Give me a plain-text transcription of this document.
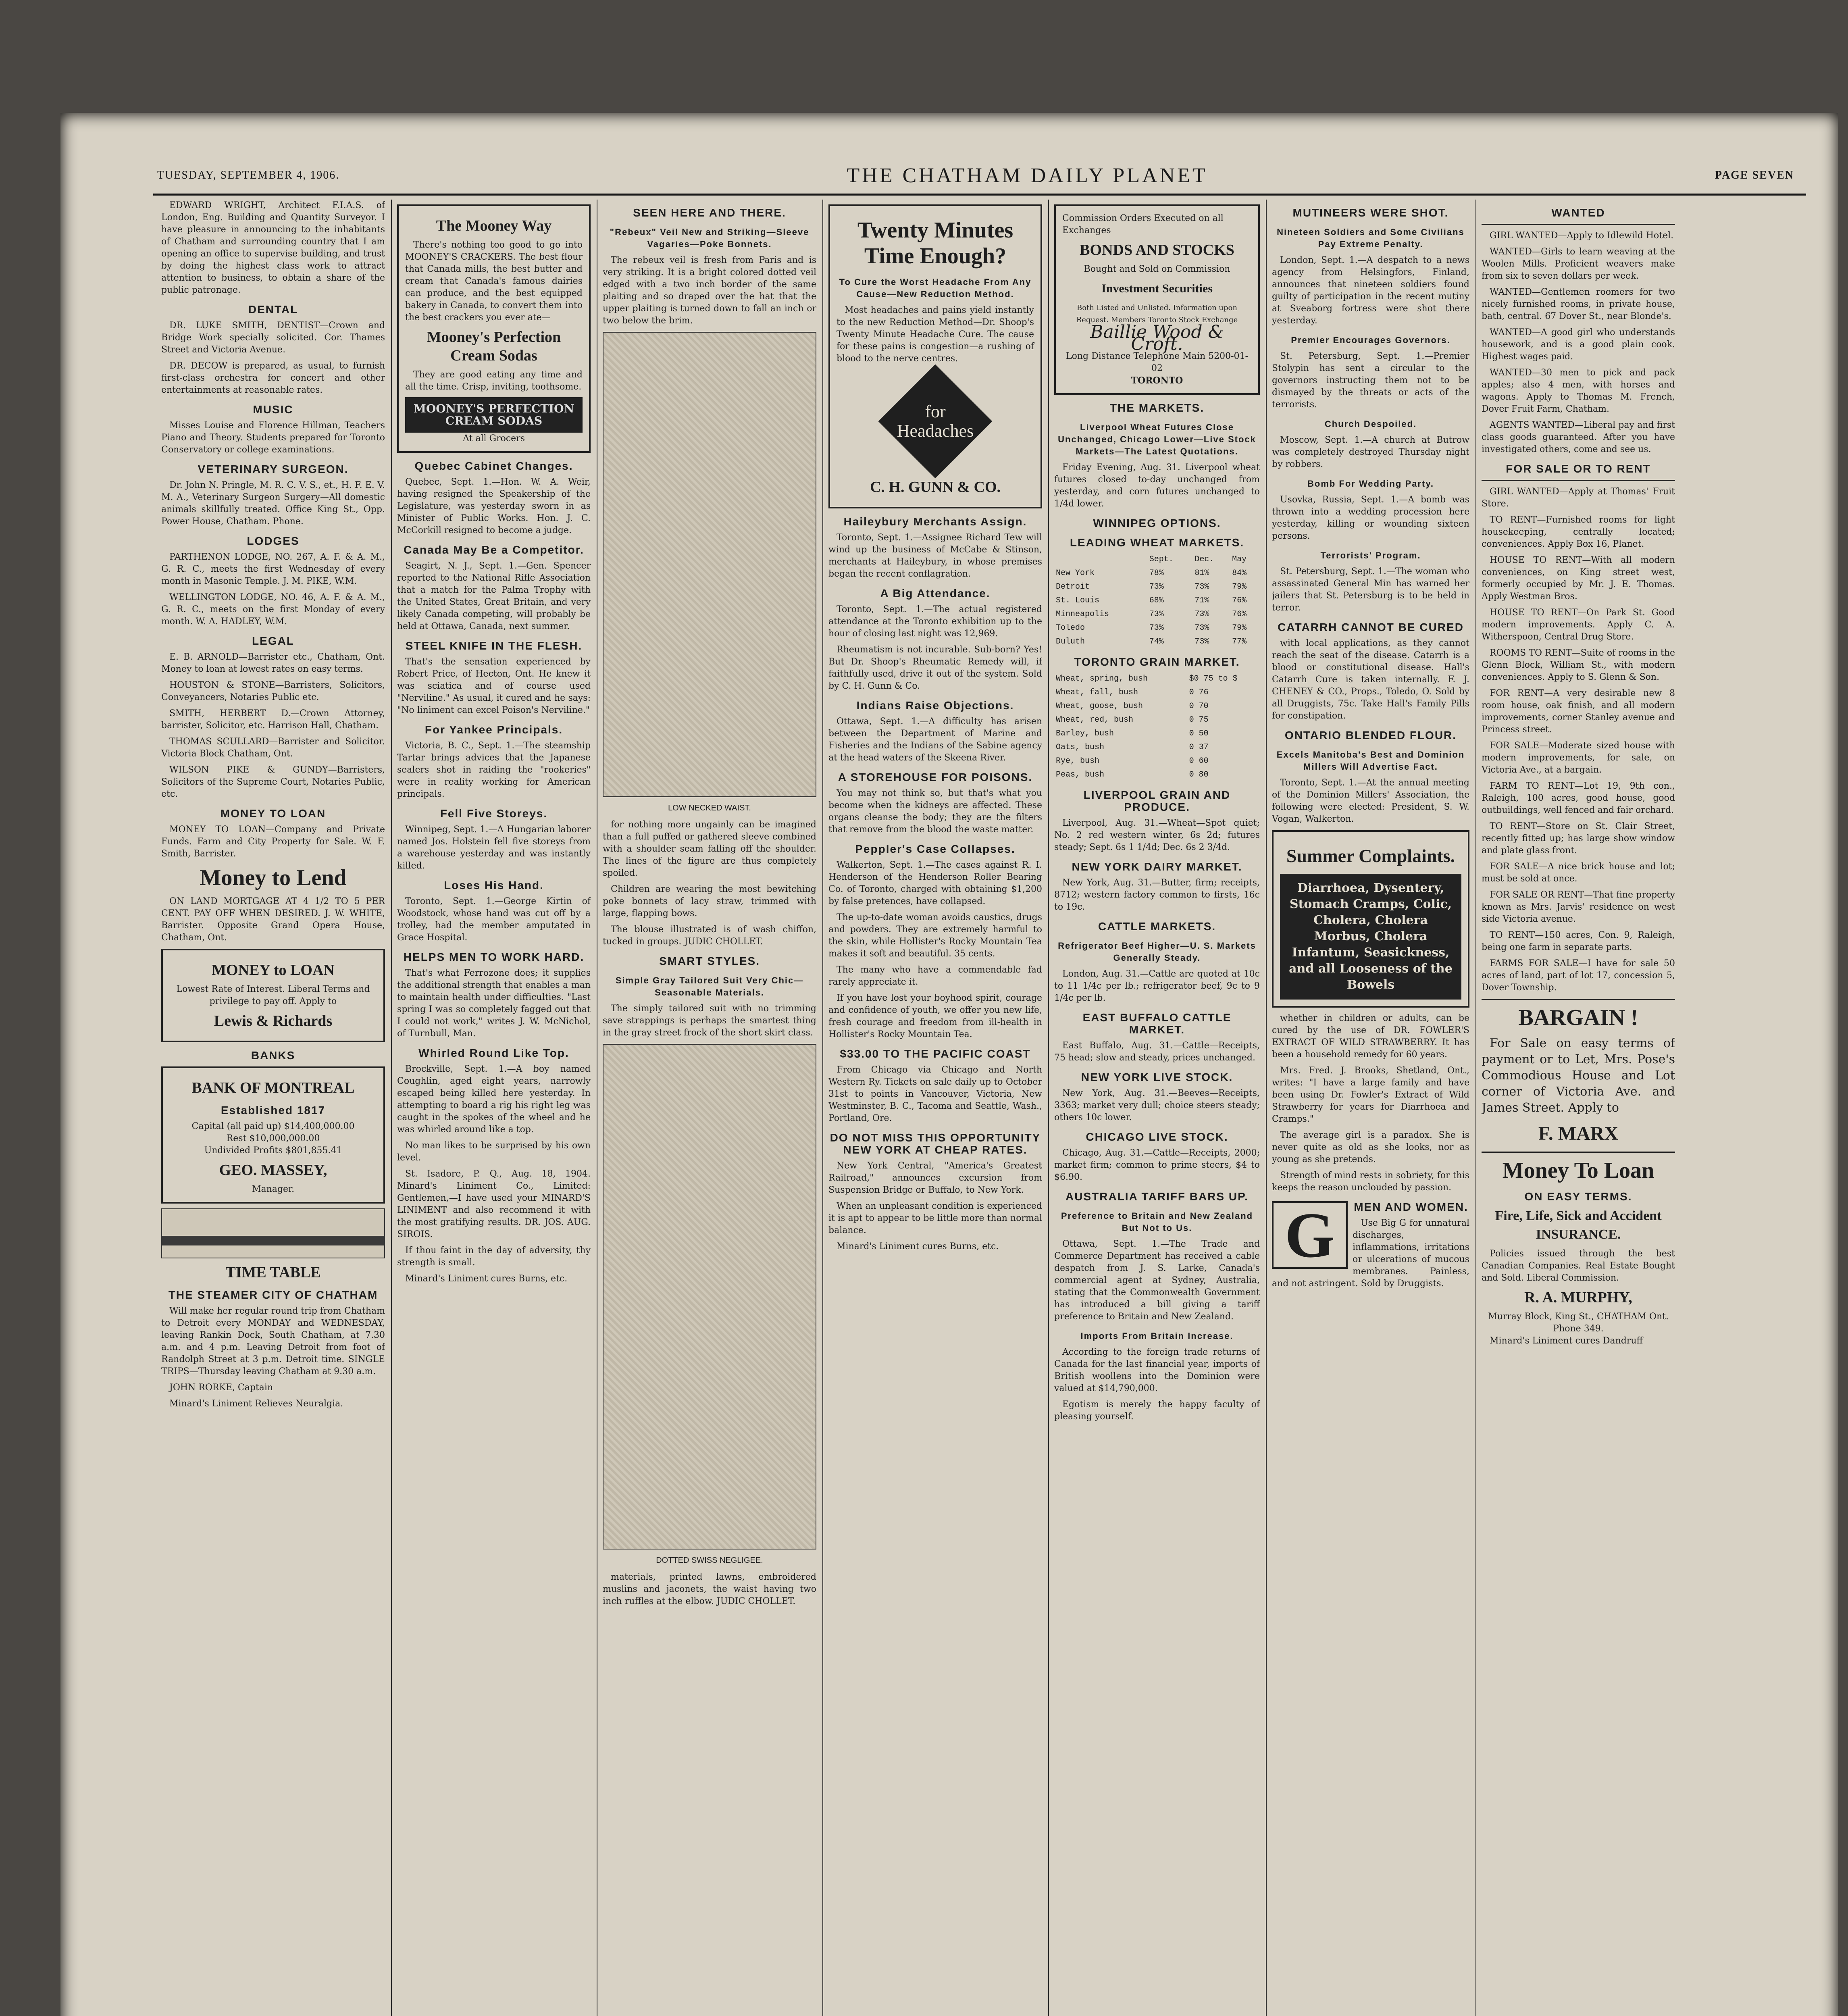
TUESDAY, SEPTEMBER 4, 1906.	THE CHATHAM DAILY PLANET	PAGE SEVEN

EDWARD WRIGHT, Architect F.I.A.S. of London, Eng. Building and Quantity Surveyor. I have pleasure in announcing to the inhabitants of Chatham and surrounding country that I am opening an office to supervise building, and trust by doing the highest class work to attract attention to business, to obtain a share of the public patronage.

DENTAL

DR. LUKE SMITH, DENTIST—Crown and Bridge Work specially solicited. Cor. Thames Street and Victoria Avenue.

DR. DECOW is prepared, as usual, to furnish first-class orchestra for concert and other entertainments at reasonable rates.

MUSIC

Misses Louise and Florence Hillman, Teachers Piano and Theory. Students prepared for Toronto Conservatory or college examinations.

VETERINARY SURGEON.

Dr. John N. Pringle, M. R. C. V. S., et., H. F. E. V. M. A., Veterinary Surgeon Surgery—All domestic animals skillfully treated. Office King St., Opp. Power House, Chatham. Phone.

LODGES

PARTHENON LODGE, NO. 267, A. F. & A. M., G. R. C., meets the first Wednesday of every month in Masonic Temple. J. M. PIKE, W.M.

WELLINGTON LODGE, NO. 46, A. F. & A. M., G. R. C., meets on the first Monday of every month. W. A. HADLEY, W.M.

LEGAL

E. B. ARNOLD—Barrister etc., Chatham, Ont. Money to loan at lowest rates on easy terms.

HOUSTON & STONE—Barristers, Solicitors, Conveyancers, Notaries Public etc.

SMITH, HERBERT D.—Crown Attorney, barrister, Solicitor, etc. Harrison Hall, Chatham.

THOMAS SCULLARD—Barrister and Solicitor. Victoria Block Chatham, Ont.

WILSON PIKE & GUNDY—Barristers, Solicitors of the Supreme Court, Notaries Public, etc.

MONEY TO LOAN

MONEY TO LOAN—Company and Private Funds. Farm and City Property for Sale. W. F. Smith, Barrister.

Money to Lend

ON LAND MORTGAGE AT 4 1/2 TO 5 PER CENT. PAY OFF WHEN DESIRED. J. W. WHITE, Barrister. Opposite Grand Opera House, Chatham, Ont.

MONEY to LOAN
Lowest Rate of Interest. Liberal Terms and privilege to pay off. Apply to
Lewis & Richards
BANKS
BANK OF MONTREAL
Established 1817
Capital (all paid up) $14,400,000.00
Rest $10,000,000.00
Undivided Profits $801,855.41
GEO. MASSEY,
Manager.
TIME TABLE
THE STEAMER CITY OF CHATHAM

Will make her regular round trip from Chatham to Detroit every MONDAY and WEDNESDAY, leaving Rankin Dock, South Chatham, at 7.30 a.m. and 4 p.m. Leaving Detroit from foot of Randolph Street at 3 p.m. Detroit time. SINGLE TRIPS—Thursday leaving Chatham at 9.30 a.m.

JOHN RORKE, Captain

Minard's Liniment Relieves Neuralgia.

The Mooney Way

There's nothing too good to go into MOONEY'S CRACKERS. The best flour that Canada mills, the best butter and cream that Canada's famous dairies can produce, and the best equipped bakery in Canada, to convert them into the best crackers you ever ate—

Mooney's Perfection Cream Sodas

They are good eating any time and all the time. Crisp, inviting, toothsome.

MOONEY'S PERFECTION CREAM SODAS
At all Grocers
Quebec Cabinet Changes.

Quebec, Sept. 1.—Hon. W. A. Weir, having resigned the Speakership of the Legislature, was yesterday sworn in as Minister of Public Works. Hon. J. C. McCorkill resigned to become a judge.

Canada May Be a Competitor.

Seagirt, N. J., Sept. 1.—Gen. Spencer reported to the National Rifle Association that a match for the Palma Trophy with the United States, Great Britain, and very likely Canada competing, will probably be held at Ottawa, Canada, next summer.

STEEL KNIFE IN THE FLESH.

That's the sensation experienced by Robert Price, of Hecton, Ont. He knew it was sciatica and of course used "Nerviline." As usual, it cured and he says: "No liniment can excel Poison's Nerviline."

For Yankee Principals.

Victoria, B. C., Sept. 1.—The steamship Tartar brings advices that the Japanese sealers shot in raiding the "rookeries" were in reality working for American principals.

Fell Five Storeys.

Winnipeg, Sept. 1.—A Hungarian laborer named Jos. Holstein fell five storeys from a warehouse yesterday and was instantly killed.

Loses His Hand.

Toronto, Sept. 1.—George Kirtin of Woodstock, whose hand was cut off by a trolley, had the member amputated in Grace Hospital.

HELPS MEN TO WORK HARD.

That's what Ferrozone does; it supplies the additional strength that enables a man to maintain health under difficulties. "Last spring I was so completely fagged out that I could not work," writes J. W. McNichol, of Turnbull, Man.

Whirled Round Like Top.

Brockville, Sept. 1.—A boy named Coughlin, aged eight years, narrowly escaped being killed here yesterday. In attempting to board a rig his right leg was caught in the spokes of the wheel and he was whirled around like a top.

No man likes to be surprised by his own level.

St. Isadore, P. Q., Aug. 18, 1904. Minard's Liniment Co., Limited: Gentlemen,—I have used your MINARD'S LINIMENT and also recommend it with the most gratifying results. DR. JOS. AUG. SIROIS.

If thou faint in the day of adversity, thy strength is small.

Minard's Liniment cures Burns, etc.

SEEN HERE AND THERE.
"Rebeux" Veil New and Striking—Sleeve Vagaries—Poke Bonnets.

The rebeux veil is fresh from Paris and is very striking. It is a bright colored dotted veil edged with a two inch border of the same plaiting and so draped over the hat that the upper plaiting is turned down to fall an inch or two below the brim.

LOW NECKED WAIST.

for nothing more ungainly can be imagined than a full puffed or gathered sleeve combined with a shoulder seam falling off the shoulder. The lines of the figure are thus completely spoiled.

Children are wearing the most bewitching poke bonnets of lacy straw, trimmed with large, flapping bows.

The blouse illustrated is of wash chiffon, tucked in groups. JUDIC CHOLLET.

SMART STYLES.
Simple Gray Tailored Suit Very Chic—Seasonable Materials.

The simply tailored suit with no trimming save strappings is perhaps the smartest thing in the gray street frock of the short skirt class.

DOTTED SWISS NEGLIGEE.

materials, printed lawns, embroidered muslins and jaconets, the waist having two inch ruffles at the elbow. JUDIC CHOLLET.

Twenty Minutes Time Enough?
To Cure the Worst Headache From Any Cause—New Reduction Method.

Most headaches and pains yield instantly to the new Reduction Method—Dr. Shoop's Twenty Minute Headache Cure. The cause for these pains is congestion—a rushing of blood to the nerve centres.

for Headaches
C. H. GUNN & CO.
Haileybury Merchants Assign.

Toronto, Sept. 1.—Assignee Richard Tew will wind up the business of McCabe & Stinson, merchants at Haileybury, in whose premises began the recent conflagration.

A Big Attendance.

Toronto, Sept. 1.—The actual registered attendance at the Toronto exhibition up to the hour of closing last night was 12,969.

Rheumatism is not incurable. Sub-born? Yes! But Dr. Shoop's Rheumatic Remedy will, if faithfully used, drive it out of the system. Sold by C. H. Gunn & Co.

Indians Raise Objections.

Ottawa, Sept. 1.—A difficulty has arisen between the Department of Marine and Fisheries and the Indians of the Sabine agency at the head waters of the Skeena River.

A STOREHOUSE FOR POISONS.

You may not think so, but that's what you become when the kidneys are affected. These organs cleanse the body; they are the filters that remove from the blood the waste matter.

Peppler's Case Collapses.

Walkerton, Sept. 1.—The cases against R. I. Henderson of the Henderson Roller Bearing Co. of Toronto, charged with obtaining $1,200 by false pretences, have collapsed.

The up-to-date woman avoids caustics, drugs and powders. They are extremely harmful to the skin, while Hollister's Rocky Mountain Tea makes it soft and beautiful. 35 cents.

The many who have a commendable fad rarely appreciate it.

If you have lost your boyhood spirit, courage and confidence of youth, we offer you new life, fresh courage and freedom from ill-health in Hollister's Rocky Mountain Tea.

$33.00 TO THE PACIFIC COAST

From Chicago via Chicago and North Western Ry. Tickets on sale daily up to October 31st to points in Vancouver, Victoria, New Westminster, B. C., Tacoma and Seattle, Wash., Portland, Ore.

DO NOT MISS THIS OPPORTUNITY NEW YORK AT CHEAP RATES.

New York Central, "America's Greatest Railroad," announces excursion from Suspension Bridge or Buffalo, to New York.

When an unpleasant condition is experienced it is apt to appear to be little more than normal balance.

Minard's Liniment cures Burns, etc.

Commission Orders Executed on all Exchanges
BONDS AND STOCKS
Bought and Sold on Commission
Investment Securities
Both Listed and Unlisted. Information upon Request. Members Toronto Stock Exchange
Baillie Wood & Croft.
Long Distance Telephone Main 5200-01-02
TORONTO
THE MARKETS.
Liverpool Wheat Futures Close Unchanged, Chicago Lower—Live Stock Markets—The Latest Quotations.

Friday Evening, Aug. 31. Liverpool wheat futures closed to-day unchanged from yesterday, and corn futures unchanged to 1/4d lower.

WINNIPEG OPTIONS.
LEADING WHEAT MARKETS.
	Sept.	Dec.	May
New York	78%	81%	84%
Detroit	73%	73%	79%
St. Louis	68%	71%	76%
Minneapolis	73%	73%	76%
Toledo	73%	73%	79%
Duluth	74%	73%	77%
TORONTO GRAIN MARKET.
Wheat, spring, bush	$0 75 to $
Wheat, fall, bush	0 76
Wheat, goose, bush	0 70
Wheat, red, bush	0 75
Barley, bush	0 50
Oats, bush	0 37
Rye, bush	0 60
Peas, bush	0 80
LIVERPOOL GRAIN AND PRODUCE.

Liverpool, Aug. 31.—Wheat—Spot quiet; No. 2 red western winter, 6s 2d; futures steady; Sept. 6s 1 1/4d; Dec. 6s 2 3/4d.

NEW YORK DAIRY MARKET.

New York, Aug. 31.—Butter, firm; receipts, 8712; western factory common to firsts, 16c to 19c.

CATTLE MARKETS.
Refrigerator Beef Higher—U. S. Markets Generally Steady.

London, Aug. 31.—Cattle are quoted at 10c to 11 1/4c per lb.; refrigerator beef, 9c to 9 1/4c per lb.

EAST BUFFALO CATTLE MARKET.

East Buffalo, Aug. 31.—Cattle—Receipts, 75 head; slow and steady, prices unchanged.

NEW YORK LIVE STOCK.

New York, Aug. 31.—Beeves—Receipts, 3363; market very dull; choice steers steady; others 10c lower.

CHICAGO LIVE STOCK.

Chicago, Aug. 31.—Cattle—Receipts, 2000; market firm; common to prime steers, $4 to $6.90.

AUSTRALIA TARIFF BARS UP.
Preference to Britain and New Zealand But Not to Us.

Ottawa, Sept. 1.—The Trade and Commerce Department has received a cable despatch from J. S. Larke, Canada's commercial agent at Sydney, Australia, stating that the Commonwealth Government has introduced a bill giving a tariff preference to Britain and New Zealand.

Imports From Britain Increase.

According to the foreign trade returns of Canada for the last financial year, imports of British woollens into the Dominion were valued at $14,790,000.

Egotism is merely the happy faculty of pleasing yourself.

MUTINEERS WERE SHOT.
Nineteen Soldiers and Some Civilians Pay Extreme Penalty.

London, Sept. 1.—A despatch to a news agency from Helsingfors, Finland, announces that nineteen soldiers found guilty of participation in the recent mutiny at Sveaborg fortress were shot there yesterday.

Premier Encourages Governors.

St. Petersburg, Sept. 1.—Premier Stolypin has sent a circular to the governors instructing them not to be dismayed by the threats or acts of the terrorists.

Church Despoiled.

Moscow, Sept. 1.—A church at Butrow was completely destroyed Thursday night by robbers.

Bomb For Wedding Party.

Usovka, Russia, Sept. 1.—A bomb was thrown into a wedding procession here yesterday, killing or wounding sixteen persons.

Terrorists' Program.

St. Petersburg, Sept. 1.—The woman who assassinated General Min has warned her jailers that St. Petersburg is to be held in terror.

CATARRH CANNOT BE CURED

with local applications, as they cannot reach the seat of the disease. Catarrh is a blood or constitutional disease. Hall's Catarrh Cure is taken internally. F. J. CHENEY & CO., Props., Toledo, O. Sold by all Druggists, 75c. Take Hall's Family Pills for constipation.

ONTARIO BLENDED FLOUR.
Excels Manitoba's Best and Dominion Millers Will Advertise Fact.

Toronto, Sept. 1.—At the annual meeting of the Dominion Millers' Association, the following were elected: President, S. W. Vogan, Walkerton.

Summer Complaints.
Diarrhoea, Dysentery, Stomach Cramps, Colic, Cholera, Cholera Morbus, Cholera Infantum, Seasickness, and all Looseness of the Bowels

whether in children or adults, can be cured by the use of DR. FOWLER'S EXTRACT OF WILD STRAWBERRY. It has been a household remedy for 60 years.

Mrs. Fred. J. Brooks, Shetland, Ont., writes: "I have a large family and have been using Dr. Fowler's Extract of Wild Strawberry for years for Diarrhoea and Cramps."

The average girl is a paradox. She is never quite as old as she looks, nor as young as she pretends.

Strength of mind rests in sobriety, for this keeps the reason unclouded by passion.

G	MEN AND WOMEN.

Use Big G for unnatural discharges, inflammations, irritations or ulcerations of mucous membranes. Painless, and not astringent. Sold by Druggists.

WANTED

GIRL WANTED—Apply to Idlewild Hotel.

WANTED—Girls to learn weaving at the Woolen Mills. Proficient weavers make from six to seven dollars per week.

WANTED—Gentlemen roomers for two nicely furnished rooms, in private house, bath, central. 67 Dover St., near Blonde's.

WANTED—A good girl who understands housework, and is a good plain cook. Highest wages paid.

WANTED—30 men to pick and pack apples; also 4 men, with horses and wagons. Apply to Thomas M. French, Dover Fruit Farm, Chatham.

AGENTS WANTED—Liberal pay and first class goods guaranteed. After you have investigated others, come and see us.

FOR SALE OR TO RENT

GIRL WANTED—Apply at Thomas' Fruit Store.

TO RENT—Furnished rooms for light housekeeping, centrally located; conveniences. Apply Box 16, Planet.

HOUSE TO RENT—With all modern conveniences, on King street west, formerly occupied by Mr. J. E. Thomas. Apply Westman Bros.

HOUSE TO RENT—On Park St. Good modern improvements. Apply C. A. Witherspoon, Central Drug Store.

ROOMS TO RENT—Suite of rooms in the Glenn Block, William St., with modern conveniences. Apply to S. Glenn & Son.

FOR RENT—A very desirable new 8 room house, oak finish, and all modern improvements, corner Stanley avenue and Princess street.

FOR SALE—Moderate sized house with modern improvements, for sale, on Victoria Ave., at a bargain.

FARM TO RENT—Lot 19, 9th con., Raleigh, 100 acres, good house, good outbuildings, well fenced and fair orchard.

TO RENT—Store on St. Clair Street, recently fitted up; has large show window and plate glass front.

FOR SALE—A nice brick house and lot; must be sold at once.

FOR SALE OR RENT—That fine property known as Mrs. Jarvis' residence on west side Victoria avenue.

TO RENT—150 acres, Con. 9, Raleigh, being one farm in separate parts.

FARMS FOR SALE—I have for sale 50 acres of land, part of lot 17, concession 5, Dover Township.

BARGAIN !

For Sale on easy terms of payment or to Let, Mrs. Pose's Commodious House and Lot corner of Victoria Ave. and James Street. Apply to

F. MARX
Money To Loan
ON EASY TERMS.
Fire, Life, Sick and Accident INSURANCE.

Policies issued through the best Canadian Companies. Real Estate Bought and Sold. Liberal Commission.

R. A. MURPHY,
Murray Block, King St., CHATHAM Ont. Phone 349.

Minard's Liniment cures Dandruff
